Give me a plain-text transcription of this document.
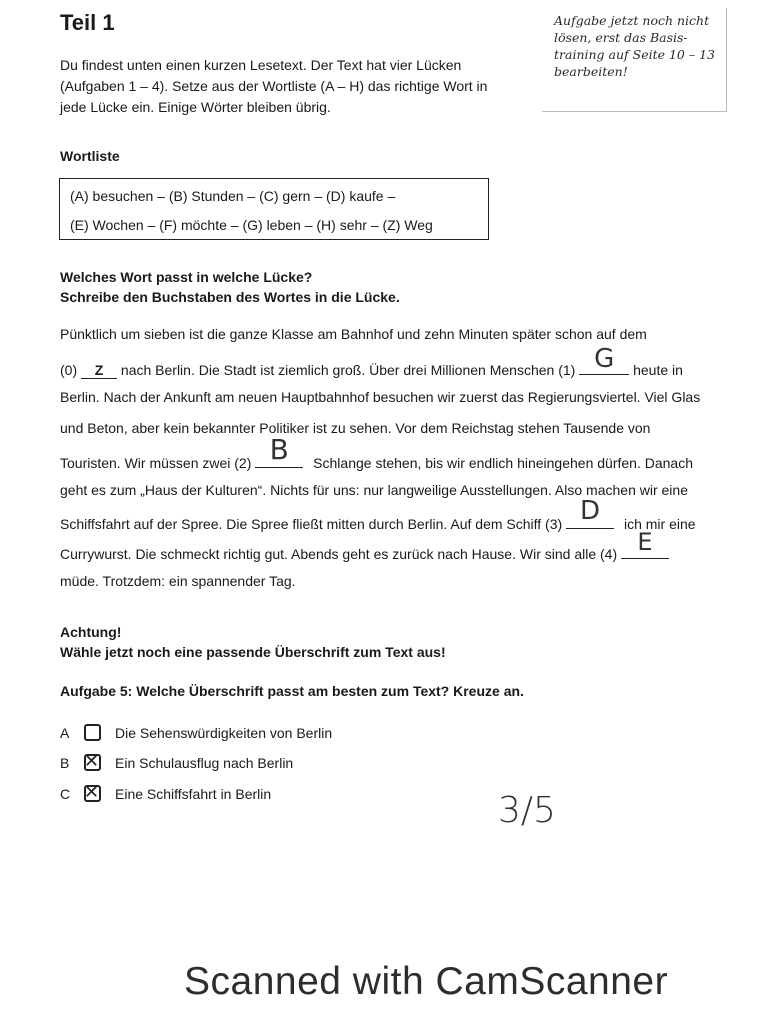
Teil 1	Aufgabe jetzt noch nicht
lösen, erst das Basis-
training auf Seite 10 – 13
bearbeiten!
Du findest unten einen kurzen Lesetext. Der Text hat vier Lücken
(Aufgaben 1 – 4). Setze aus der Wortliste (A – H) das richtige Wort in
jede Lücke ein. Einige Wörter bleiben übrig.
Wortliste
(A) besuchen – (B) Stunden – (C) gern – (D) kaufe –
(E) Wochen – (F) möchte – (G) leben – (H) sehr – (Z) Weg
Welches Wort passt in welche Lücke?
Schreibe den Buchstaben des Wortes in die Lücke.
Pünktlich um sieben ist die ganze Klasse am Bahnhof und zehn Minuten später schon auf dem
(0) Z nach Berlin. Die Stadt ist ziemlich groß. Über drei Millionen Menschen (1) G	heute in
Berlin. Nach der Ankunft am neuen Hauptbahnhof besuchen wir zuerst das Regierungsviertel. Viel Glas
und Beton, aber kein bekannter Politiker ist zu sehen. Vor dem Reichstag stehen Tausende von
Touristen. Wir müssen zwei (2) B	Schlange stehen, bis wir endlich hineingehen dürfen. Danach
geht es zum „Haus der Kulturen“. Nichts für uns: nur langweilige Ausstellungen. Also machen wir eine
Schiffsfahrt auf der Spree. Die Spree fließt mitten durch Berlin. Auf dem Schiff (3) D	ich mir eine
Currywurst. Die schmeckt richtig gut. Abends geht es zurück nach Hause. Wir sind alle (4) E
müde. Trotzdem: ein spannender Tag.
Achtung!
Wähle jetzt noch eine passende Überschrift zum Text aus!
Aufgabe 5: Welche Überschrift passt am besten zum Text? Kreuze an.
A	Die Sehenswürdigkeiten von Berlin
B ✕ Ein Schulausflug nach Berlin
C ✕ Eine Schiffsfahrt in Berlin	3/5
Scanned with CamScanner
